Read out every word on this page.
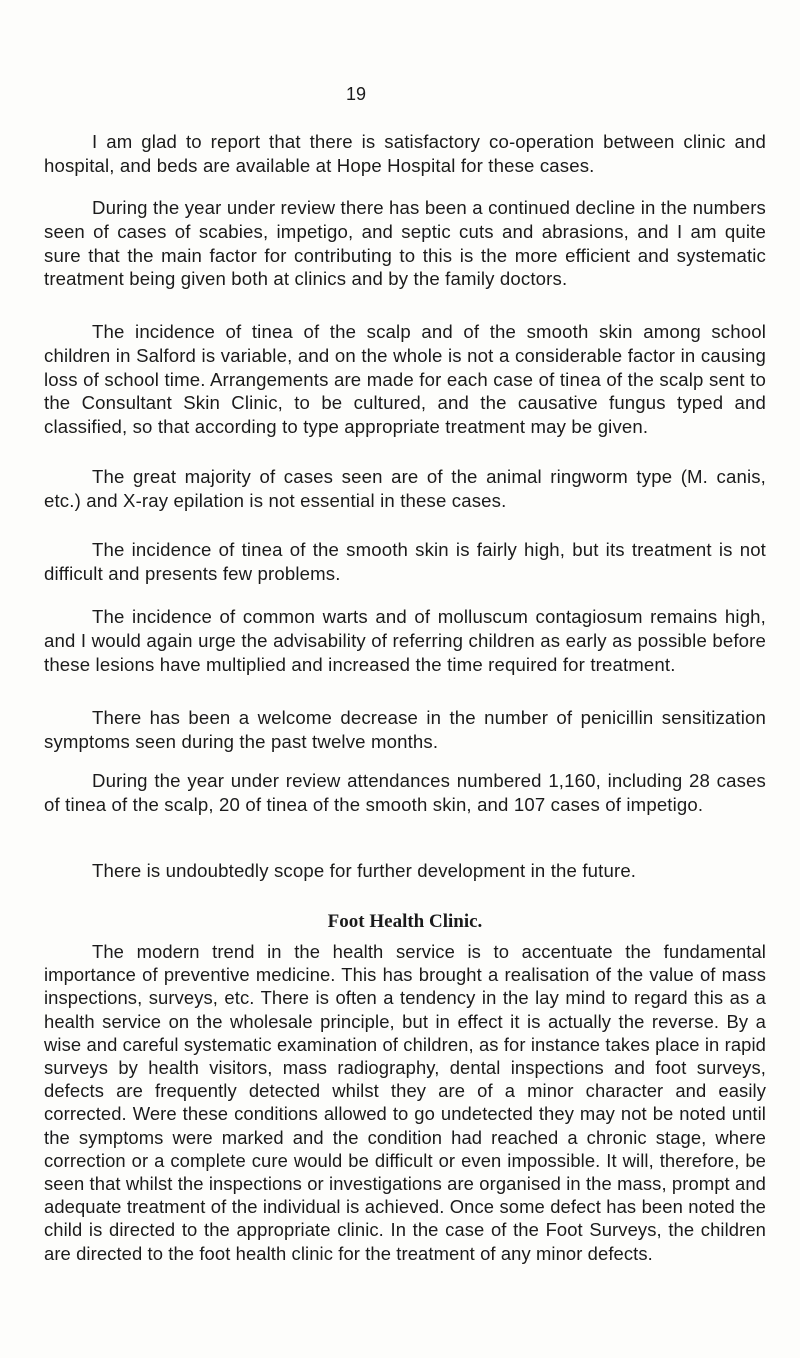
19

I am glad to report that there is satisfactory co-operation between clinic and hospital, and beds are available at Hope Hospital for these cases.

During the year under review there has been a continued decline in the numbers seen of cases of scabies, impetigo, and septic cuts and abrasions, and I am quite sure that the main factor for contributing to this is the more efficient and systematic treatment being given both at clinics and by the family doctors.

The incidence of tinea of the scalp and of the smooth skin among school children in Salford is variable, and on the whole is not a considerable factor in causing loss of school time. Arrangements are made for each case of tinea of the scalp sent to the Consultant Skin Clinic, to be cultured, and the causative fungus typed and classified, so that according to type appropriate treatment may be given.

The great majority of cases seen are of the animal ringworm type (M. canis, etc.) and X-ray epilation is not essential in these cases.

The incidence of tinea of the smooth skin is fairly high, but its treatment is not difficult and presents few problems.

The incidence of common warts and of molluscum contagiosum remains high, and I would again urge the advisability of referring children as early as possible before these lesions have multiplied and increased the time required for treatment.

There has been a welcome decrease in the number of penicillin sensitization symptoms seen during the past twelve months.

During the year under review attendances numbered 1,160, including 28 cases of tinea of the scalp, 20 of tinea of the smooth skin, and 107 cases of impetigo.

There is undoubtedly scope for further development in the future.

Foot Health Clinic.

The modern trend in the health service is to accentuate the fundamental importance of preventive medicine. This has brought a realisation of the value of mass inspections, surveys, etc. There is often a tendency in the lay mind to regard this as a health service on the wholesale principle, but in effect it is actually the reverse. By a wise and careful systematic examination of children, as for instance takes place in rapid surveys by health visitors, mass radiography, dental inspections and foot surveys, defects are frequently detected whilst they are of a minor character and easily corrected. Were these conditions allowed to go undetected they may not be noted until the symptoms were marked and the condition had reached a chronic stage, where correction or a complete cure would be difficult or even impossible. It will, therefore, be seen that whilst the inspections or investigations are organised in the mass, prompt and adequate treatment of the individual is achieved. Once some defect has been noted the child is directed to the appropriate clinic. In the case of the Foot Surveys, the children are directed to the foot health clinic for the treatment of any minor defects.
